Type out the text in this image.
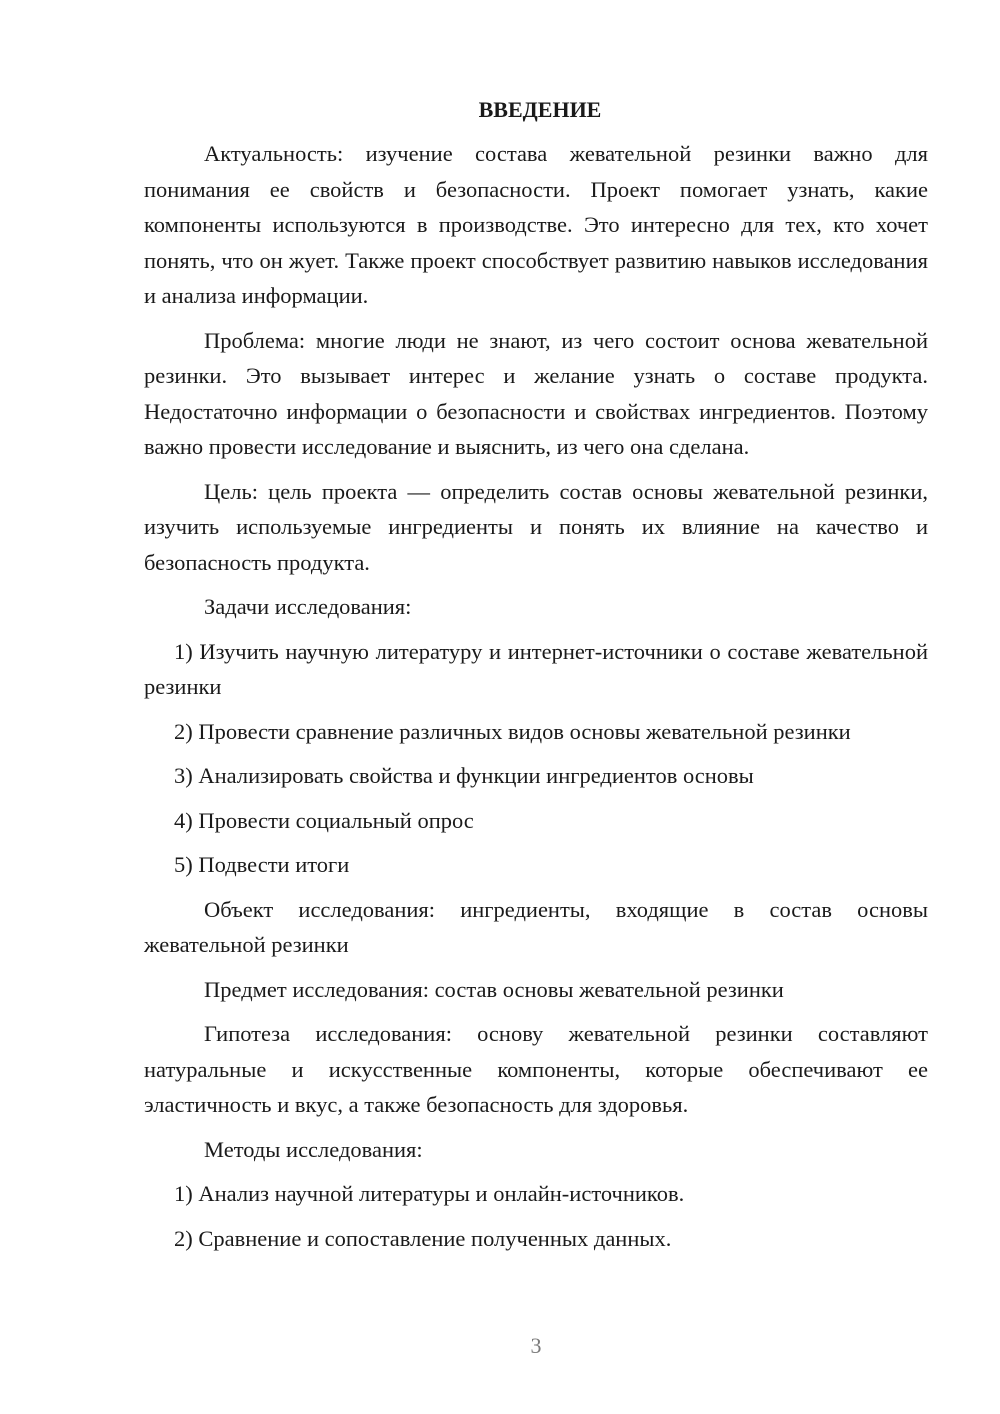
ВВЕДЕНИЕ

Актуальность: изучение состава жевательной резинки важно для понимания ее свойств и безопасности. Проект помогает узнать, какие компоненты используются в производстве. Это интересно для тех, кто хочет понять, что он жует. Также проект способствует развитию навыков исследования и анализа информации.

Проблема: многие люди не знают, из чего состоит основа жевательной резинки. Это вызывает интерес и желание узнать о составе продукта. Недостаточно информации о безопасности и свойствах ингредиентов. Поэтому важно провести исследование и выяснить, из чего она сделана.

Цель: цель проекта — определить состав основы жевательной резинки, изучить используемые ингредиенты и понять их влияние на качество и безопасность продукта.

Задачи исследования:

1) Изучить научную литературу и интернет-источники о составе жевательной резинки

2) Провести сравнение различных видов основы жевательной резинки

3) Анализировать свойства и функции ингредиентов основы

4) Провести социальный опрос

5) Подвести итоги

Объект исследования: ингредиенты, входящие в состав основы жевательной резинки

Предмет исследования: состав основы жевательной резинки

Гипотеза исследования: основу жевательной резинки составляют натуральные и искусственные компоненты, которые обеспечивают ее эластичность и вкус, а также безопасность для здоровья.

Методы исследования:

1) Анализ научной литературы и онлайн-источников.

2) Сравнение и сопоставление полученных данных.

3
